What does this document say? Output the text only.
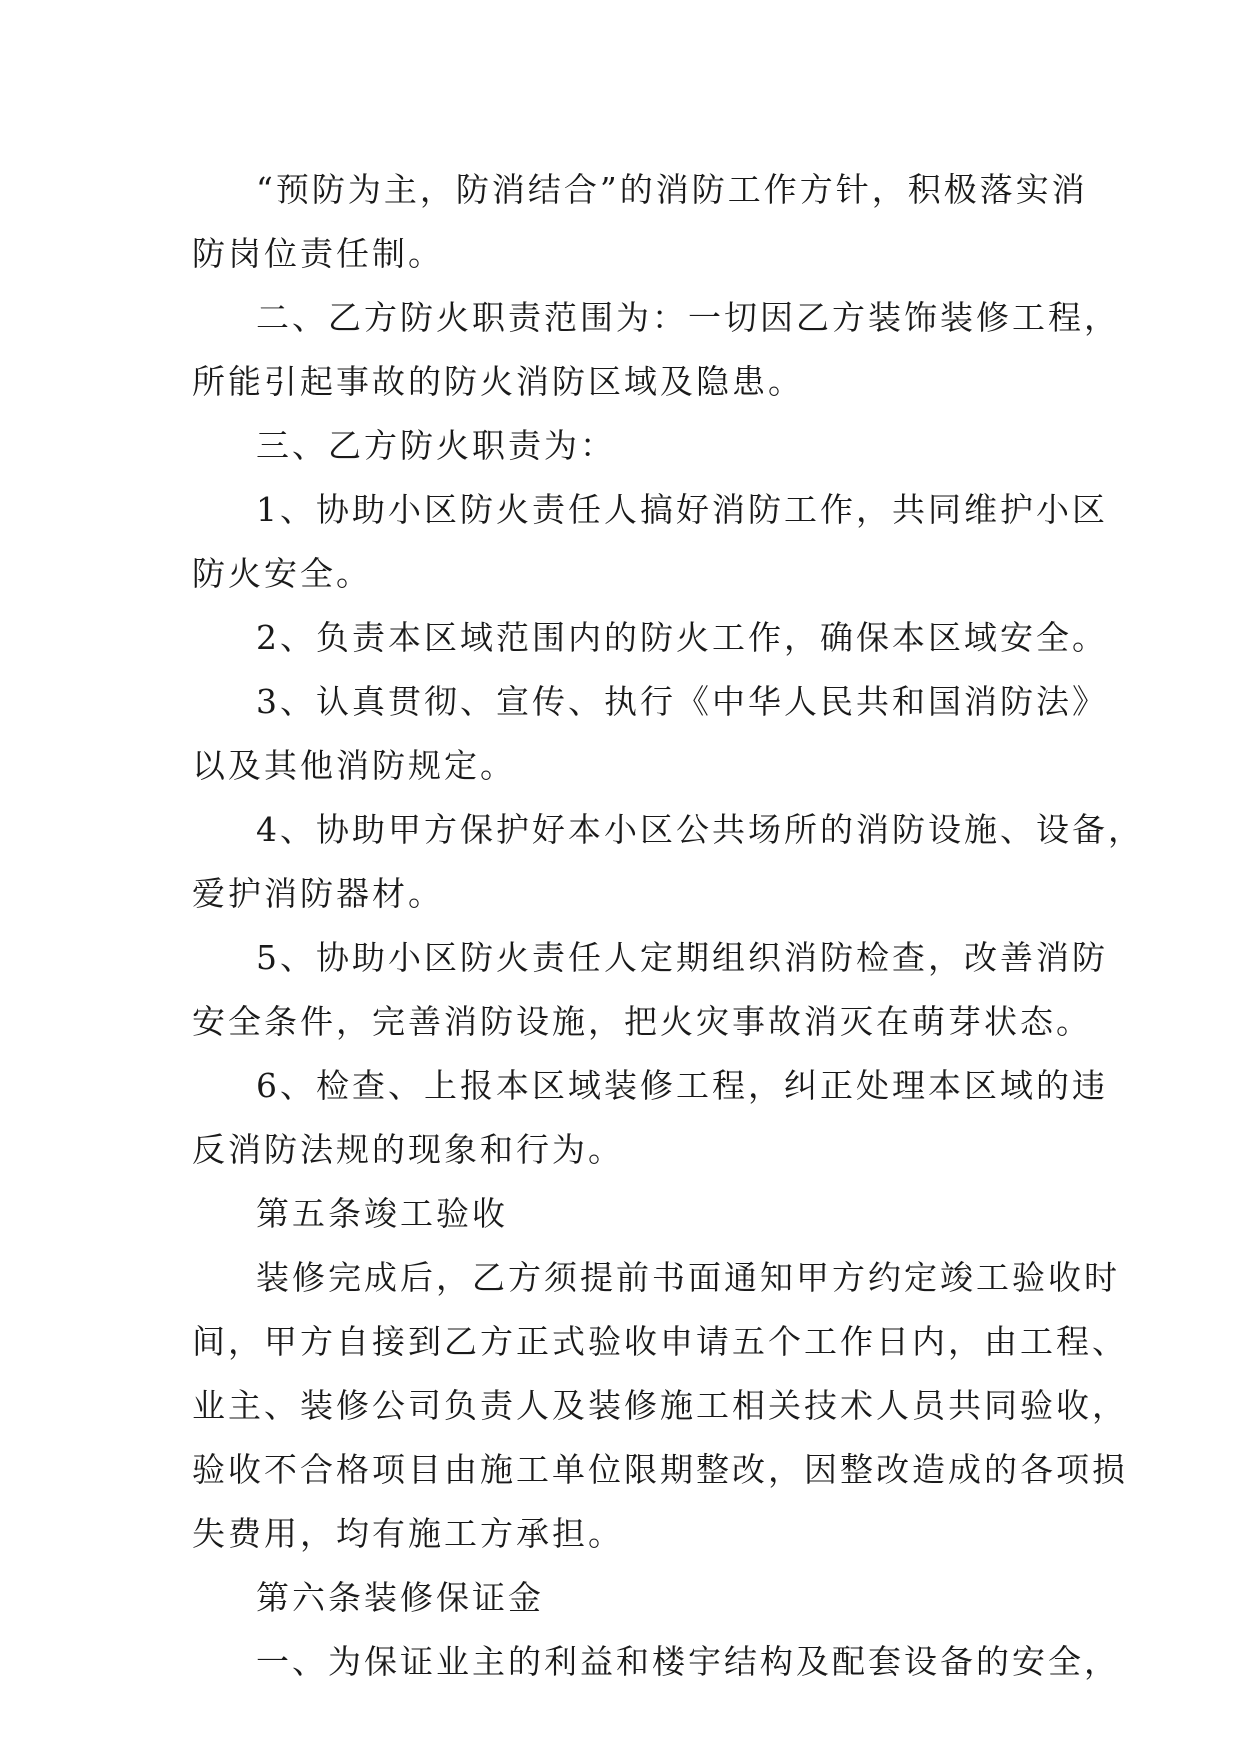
“预防为主，防消结合”的消防工作方针，积极落实消
防岗位责任制。
二、乙方防火职责范围为：一切因乙方装饰装修工程，
所能引起事故的防火消防区域及隐患。
三、乙方防火职责为：
1、协助小区防火责任人搞好消防工作，共同维护小区
防火安全。
2、负责本区域范围内的防火工作，确保本区域安全。
3、认真贯彻、宣传、执行《中华人民共和国消防法》
以及其他消防规定。
4、协助甲方保护好本小区公共场所的消防设施、设备，
爱护消防器材。
5、协助小区防火责任人定期组织消防检查，改善消防
安全条件，完善消防设施，把火灾事故消灭在萌芽状态。
6、检查、上报本区域装修工程，纠正处理本区域的违
反消防法规的现象和行为。
第五条竣工验收
装修完成后，乙方须提前书面通知甲方约定竣工验收时
间，甲方自接到乙方正式验收申请五个工作日内，由工程、
业主、装修公司负责人及装修施工相关技术人员共同验收，
验收不合格项目由施工单位限期整改，因整改造成的各项损
失费用，均有施工方承担。
第六条装修保证金
一、为保证业主的利益和楼宇结构及配套设备的安全，
